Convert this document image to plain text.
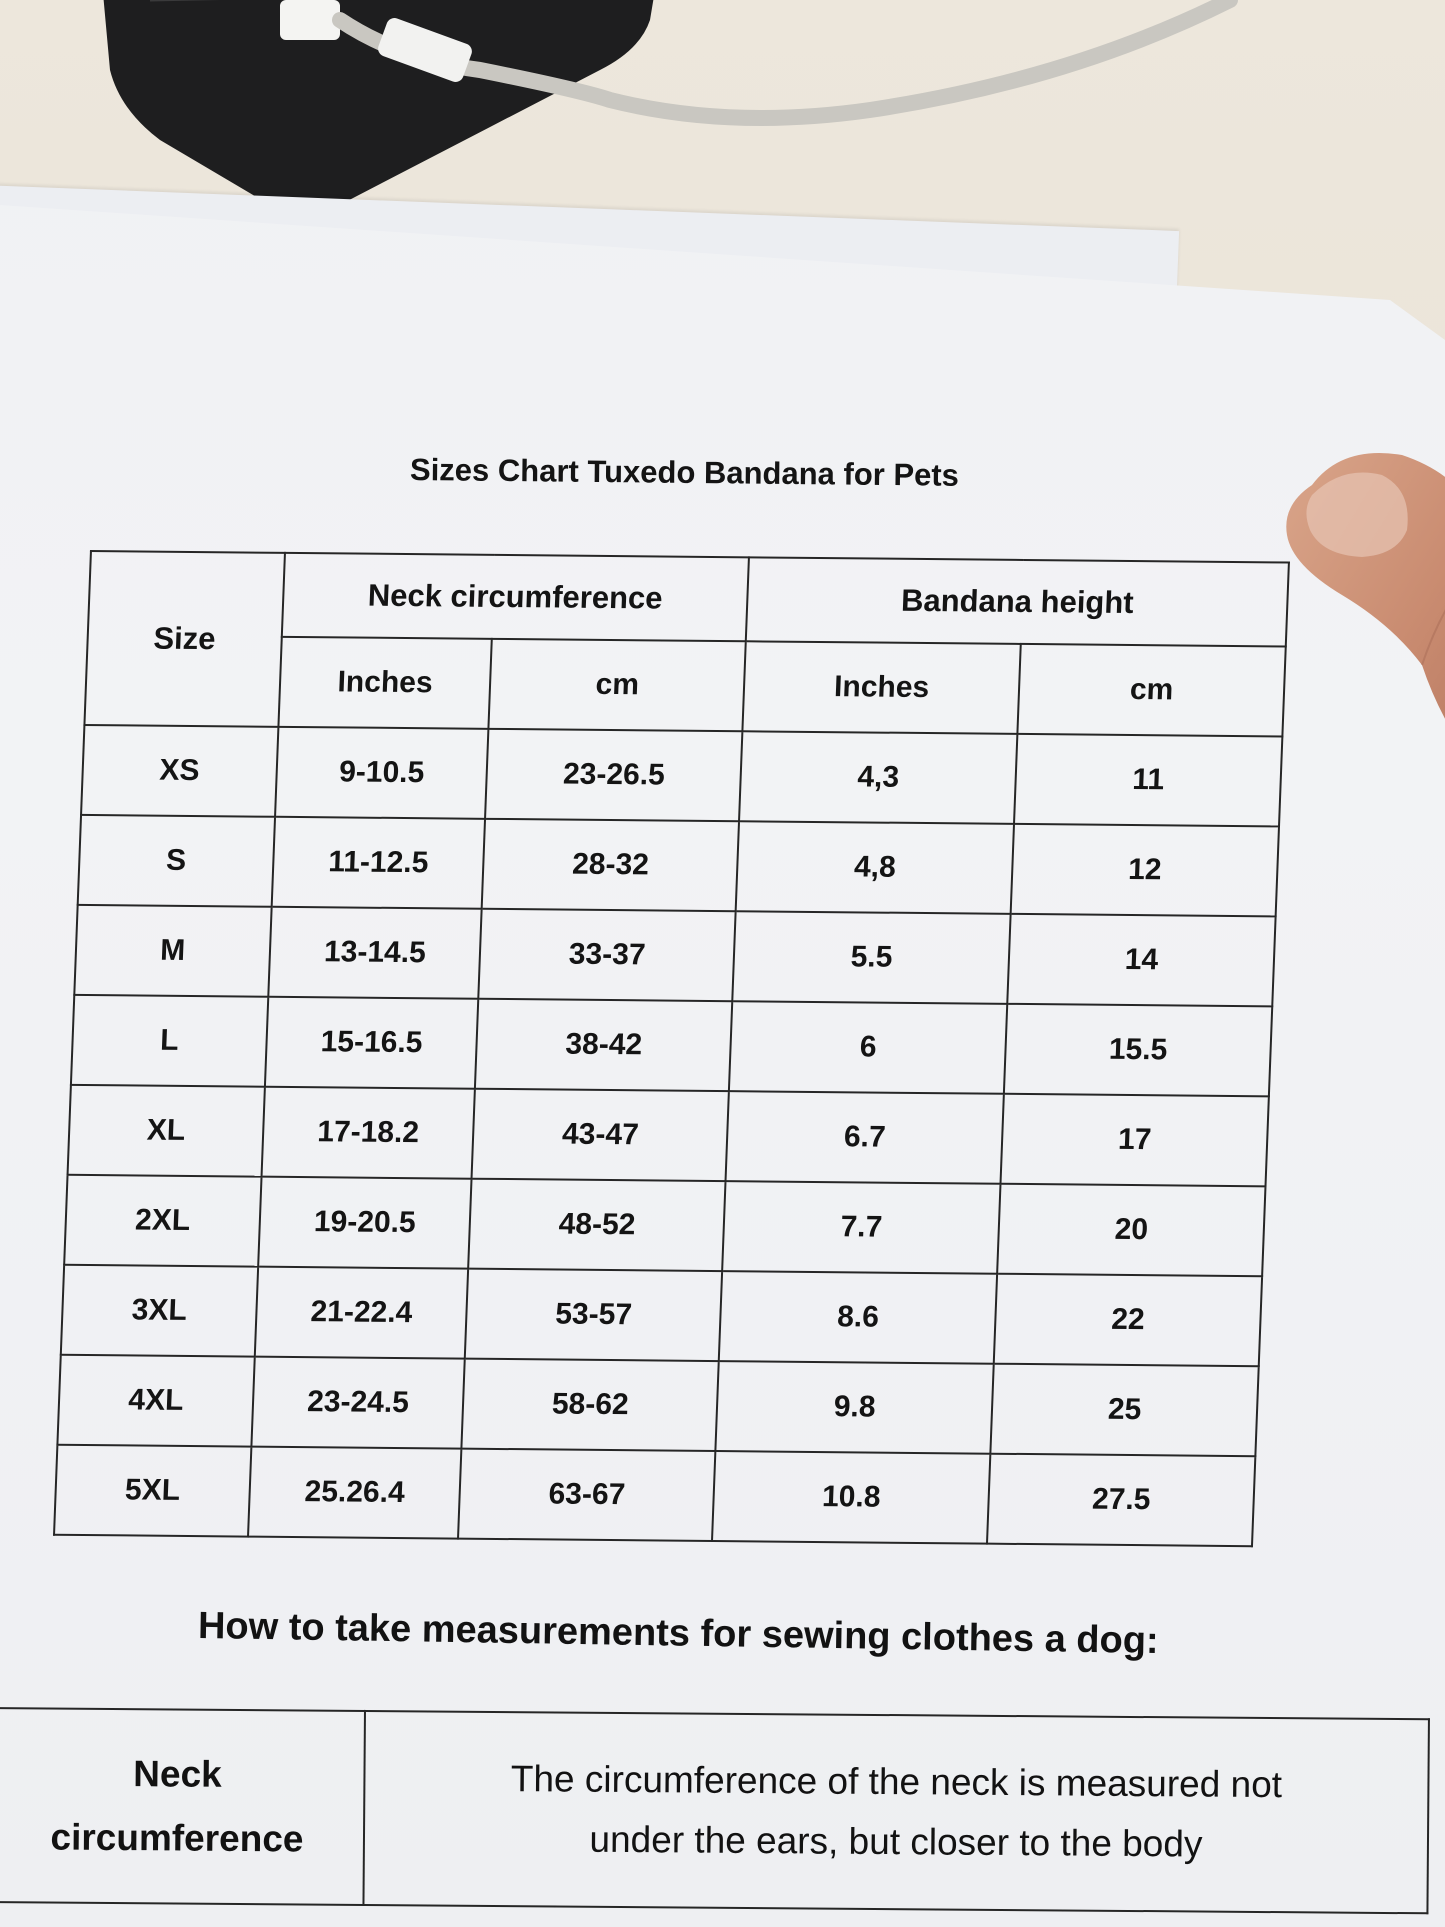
Sizes Chart Tuxedo Bandana for Pets
Size	Neck circumference		Bandana height	
	Inches	cm	Inches	cm
XS	9-10.5	23-26.5	4,3	11
S	11-12.5	28-32	4,8	12
M	13-14.5	33-37	5.5	14
L	15-16.5	38-42	6	15.5
XL	17-18.2	43-47	6.7	17
2XL	19-20.5	48-52	7.7	20
3XL	21-22.4	53-57	8.6	22
4XL	23-24.5	58-62	9.8	25
5XL	25.26.4	63-67	10.8	27.5
How to take measurements for sewing clothes a dog:
Neck
circumference	The circumference of the neck is measured not
under the ears, but closer to the body
